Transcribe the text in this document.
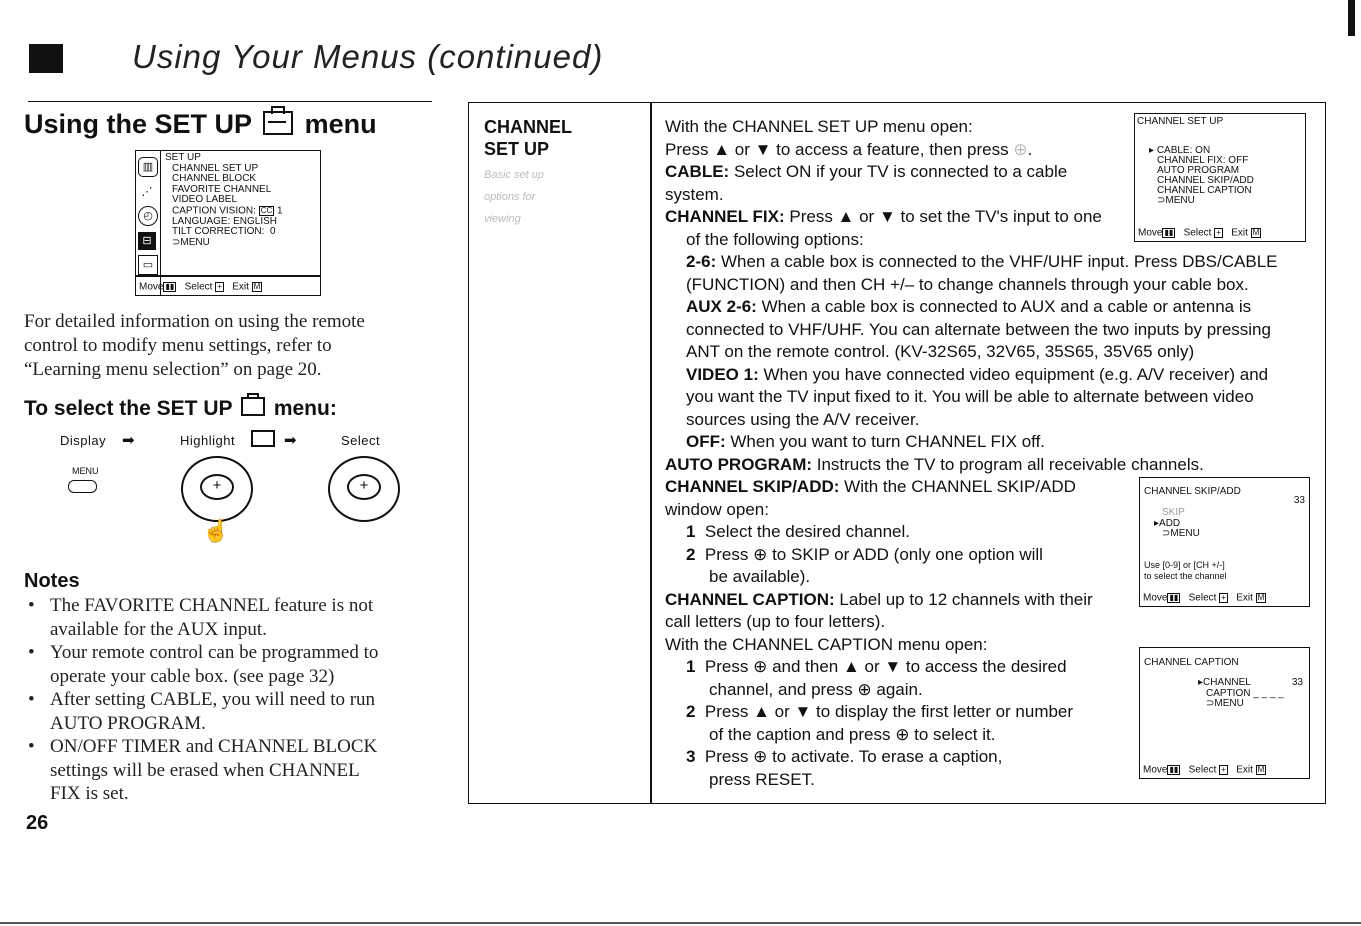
Using Your Menus (continued)
Using the SET UP menu
▥
⋰
◴
⊟
▭
SET UP
CHANNEL SET UP
CHANNEL BLOCK
FAVORITE CHANNEL
VIDEO LABEL
CAPTION VISION: CC 1
LANGUAGE: ENGLISH
TILT CORRECTION:  0
⊃MENU
Move ▮▮ Select + Exit M
For detailed information on using the remote
control to modify menu settings, refer to
“Learning menu selection” on page 20.
To select the SET UP menu:
Display ➡	Highlight	➡	Select
MENU
+
☝
+
Notes
• The FAVORITE CHANNEL feature is not
available for the AUX input.
• Your remote control can be programmed to
operate your cable box. (see page 32)
• After setting CABLE, you will need to run
AUTO PROGRAM.
• ON/OFF TIMER and CHANNEL BLOCK
settings will be erased when CHANNEL
FIX is set.
26
CHANNEL
SET UP
Basic set up
options for
viewing
With the CHANNEL SET UP menu open:
Press ▲ or ▼ to access a feature, then press ⊕.
CABLE: Select ON if your TV is connected to a cable
system.
CHANNEL FIX: Press ▲ or ▼ to set the TV's input to one
of the following options:
2-6: When a cable box is connected to the VHF/UHF input. Press DBS/CABLE
(FUNCTION) and then CH +/– to change channels through your cable box.
AUX 2-6: When a cable box is connected to AUX and a cable or antenna is
connected to VHF/UHF. You can alternate between the two inputs by pressing
ANT on the remote control. (KV-32S65, 32V65, 35S65, 35V65 only)
VIDEO 1: When you have connected video equipment (e.g. A/V receiver) and
you want the TV input fixed to it. You will be able to alternate between video
sources using the A/V receiver.
OFF: When you want to turn CHANNEL FIX off.
AUTO PROGRAM: Instructs the TV to program all receivable channels.
CHANNEL SKIP/ADD: With the CHANNEL SKIP/ADD
window open:
1 Select the desired channel.
2 Press ⊕ to SKIP or ADD (only one option will
be available).
CHANNEL CAPTION: Label up to 12 channels with their
call letters (up to four letters).
With the CHANNEL CAPTION menu open:
1 Press ⊕ and then ▲ or ▼ to access the desired
channel, and press ⊕ again.
2 Press ▲ or ▼ to display the first letter or number
of the caption and press ⊕ to select it.
3 Press ⊕ to activate. To erase a caption,
press RESET.
CHANNEL SET UP
▸ CABLE: ON
CHANNEL FIX: OFF
AUTO PROGRAM
CHANNEL SKIP/ADD
CHANNEL CAPTION
⊃MENU
Move ▮▮ Select + Exit M
CHANNEL SKIP/ADD
33
SKIP
▸ADD
⊃MENU
Use [0-9] or [CH +/-]
to select the channel
Move ▮▮ Select + Exit M
CHANNEL CAPTION
▸CHANNEL
CAPTION _ _ _ _
⊃MENU
33
Move ▮▮ Select + Exit M
